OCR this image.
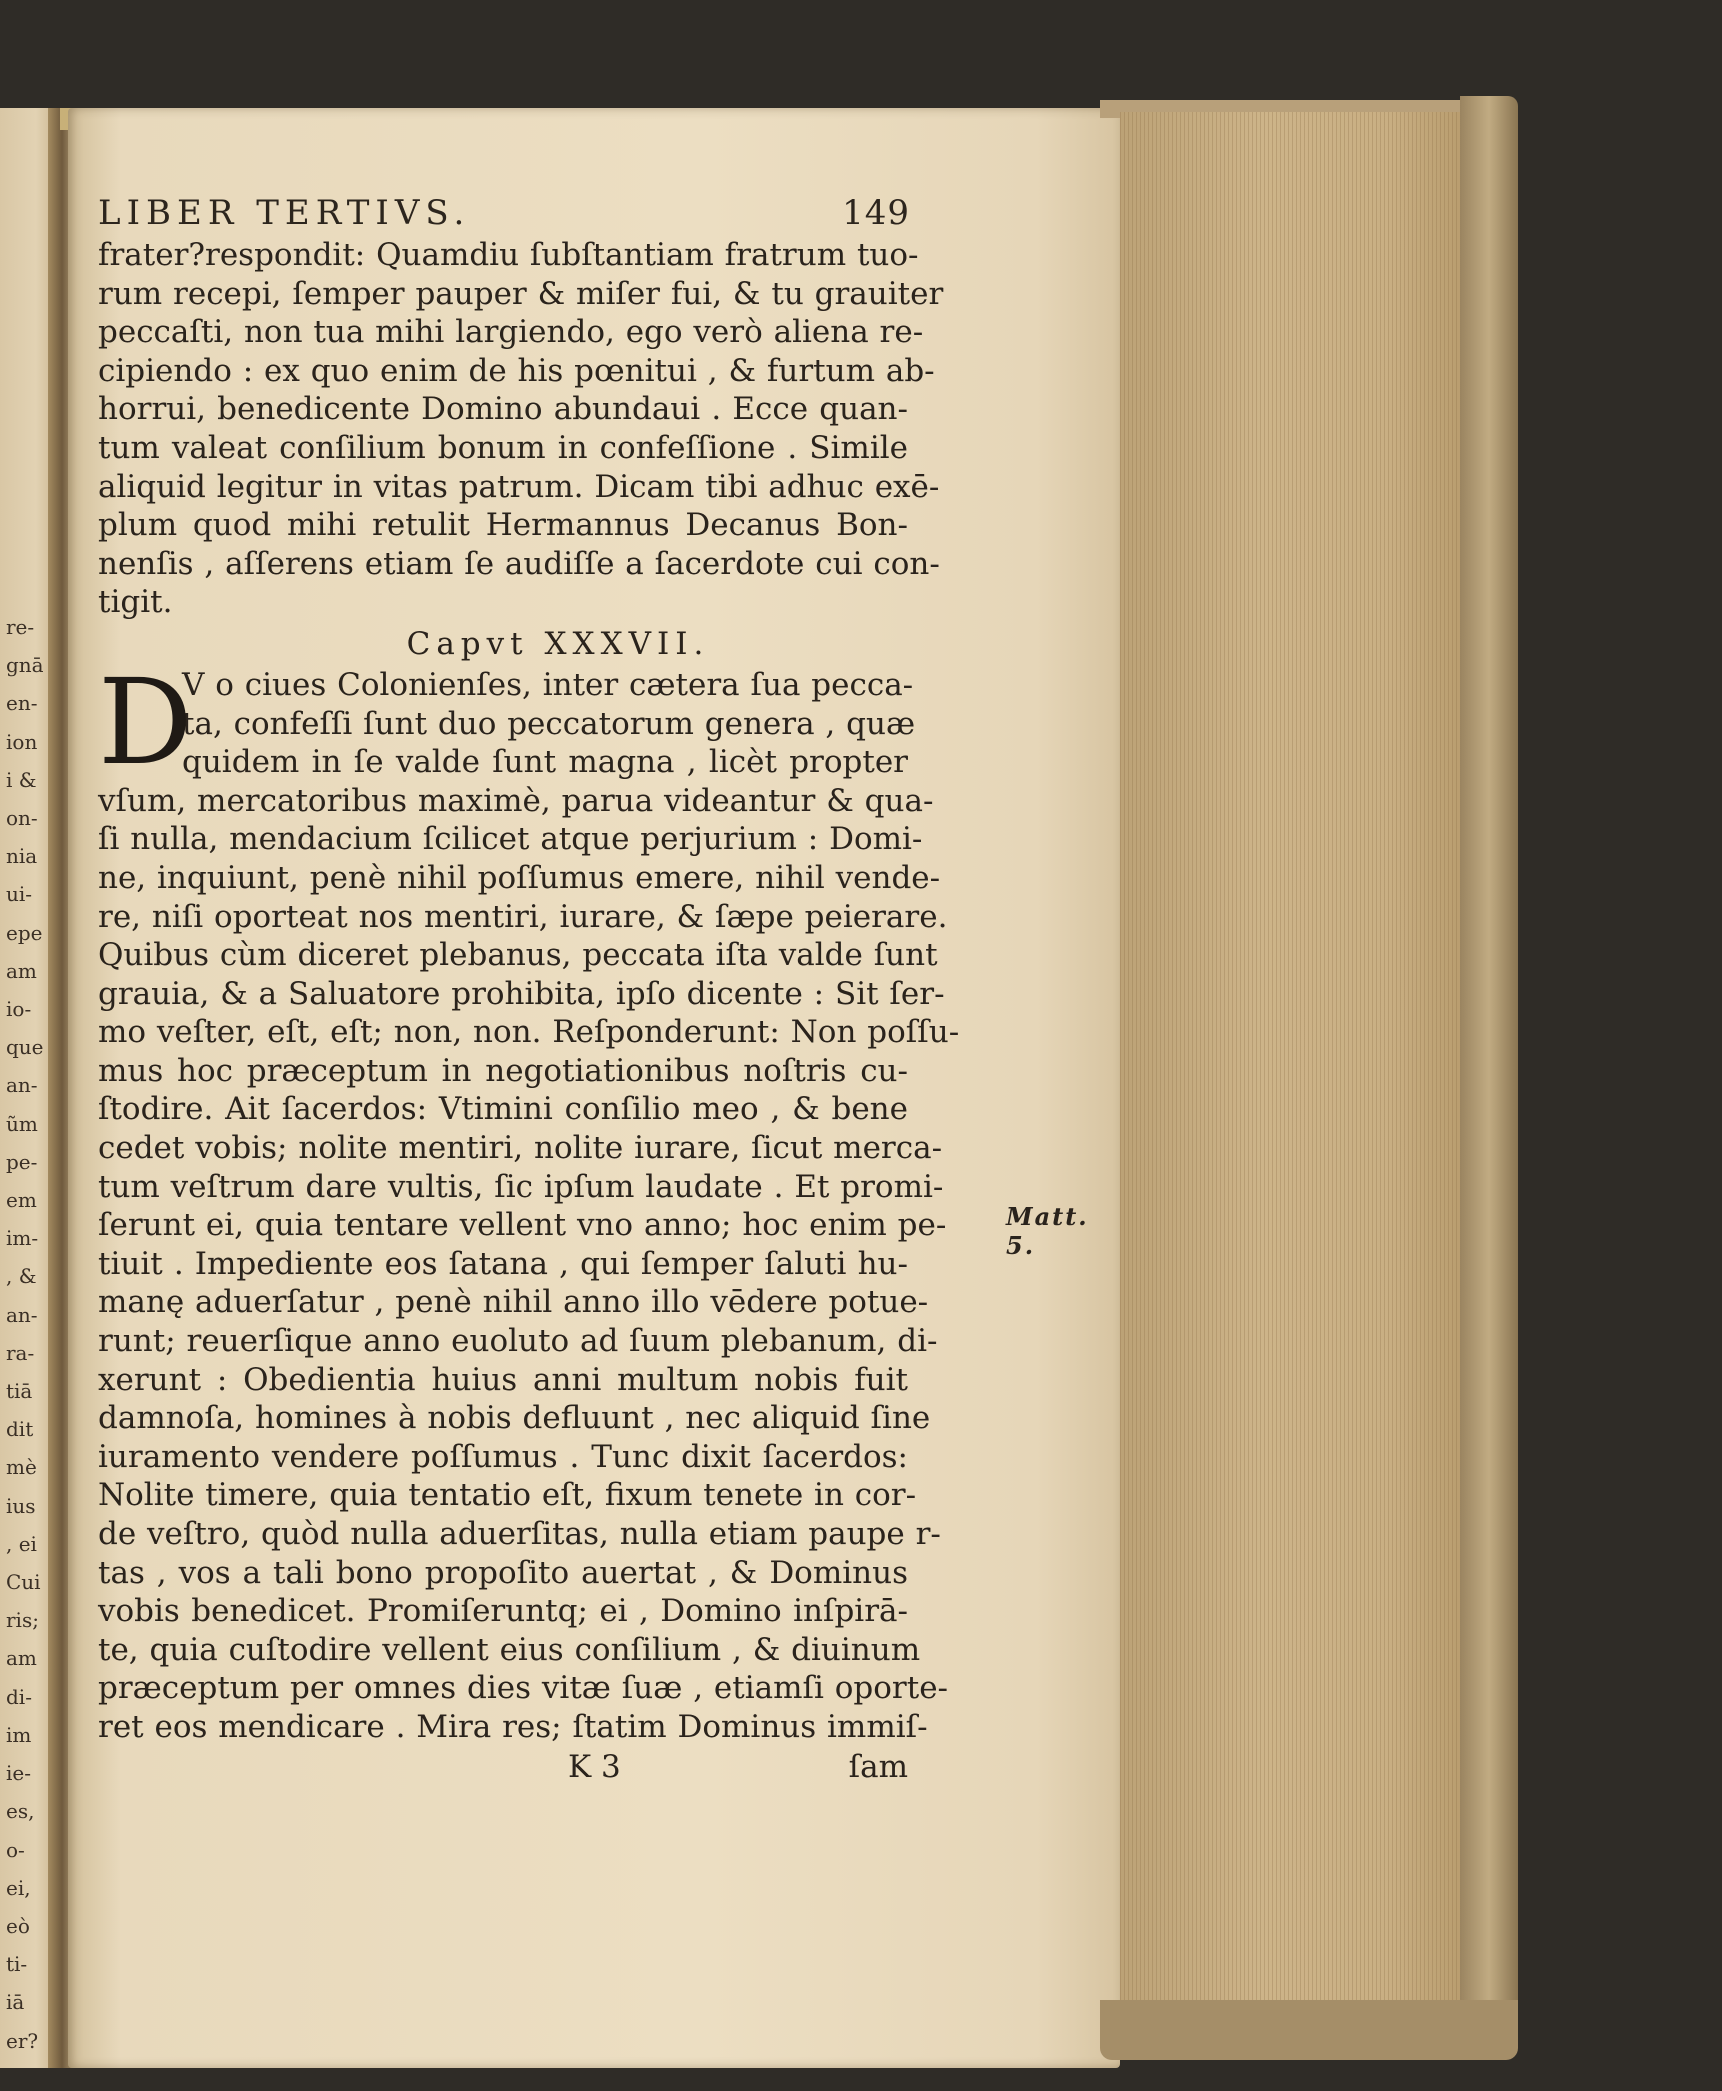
re-
gnā
en-
ion
i &
on-
nia
ui-
epe
am
io-
que
an-
ũm
pe-
em
im-
, &
an-
ra-
tiā
dit
mè
ius
, ei
Cui
ris;
am
di-
im
ie-
es,
o-
ei,
eò
ti-
iā
er?
LIBER TERTIVS.	149
frater?respondit: Quamdiu ſubſtantiam fratrum tuo-
rum recepi, ſemper pauper & miſer fui, & tu grauiter
peccaſti, non tua mihi largiendo, ego verò aliena re-
cipiendo : ex quo enim de his pœnitui , & furtum ab-
horrui, benedicente Domino abundaui . Ecce quan-
tum valeat conſilium bonum in confeſſione . Simile
aliquid legitur in vitas patrum. Dicam tibi adhuc exē-
plum quod mihi retulit Hermannus Decanus Bon-
nenſis , aſſerens etiam ſe audiſſe a ſacerdote cui con-
tigit.
Capvt XXXVII.
D
V o ciues Colonienſes, inter cætera ſua pecca-
ta, confeſſi ſunt duo peccatorum genera , quæ
quidem in ſe valde ſunt magna , licèt propter
vſum, mercatoribus maximè, parua videantur & qua-
ſi nulla, mendacium ſcilicet atque perjurium : Domi-
ne, inquiunt, penè nihil poſſumus emere, nihil vende-
re, niſi oporteat nos mentiri, iurare, & ſæpe peierare.
Quibus cùm diceret plebanus, peccata iſta valde ſunt
grauia, & a Saluatore prohibita, ipſo dicente : Sit ſer-
mo veſter, eſt, eſt; non, non. Reſponderunt: Non poſſu-
mus hoc præceptum in negotiationibus noſtris cu-
ſtodire. Ait ſacerdos: Vtimini conſilio meo , & bene
cedet vobis; nolite mentiri, nolite iurare, ſicut merca-
tum veſtrum dare vultis, ſic ipſum laudate . Et promi-
ſerunt ei, quia tentare vellent vno anno; hoc enim pe-
tiuit . Impediente eos ſatana , qui ſemper ſaluti hu-
manę aduerſatur , penè nihil anno illo vēdere potue-
runt; reuerſique anno euoluto ad ſuum plebanum, di-
xerunt : Obedientia huius anni multum nobis fuit
damnoſa, homines à nobis defluunt , nec aliquid ſine
iuramento vendere poſſumus . Tunc dixit ſacerdos:
Nolite timere, quia tentatio eſt, fixum tenete in cor-
de veſtro, quòd nulla aduerſitas, nulla etiam paupe r-
tas , vos a tali bono propoſito auertat , & Dominus
vobis benedicet. Promiſeruntq; ei , Domino inſpirā-
te, quia cuſtodire vellent eius conſilium , & diuinum
præceptum per omnes dies vitæ ſuæ , etiamſi oporte-
ret eos mendicare . Mira res; ſtatim Dominus immiſ-
K 3	ſam
Matt. 5.
